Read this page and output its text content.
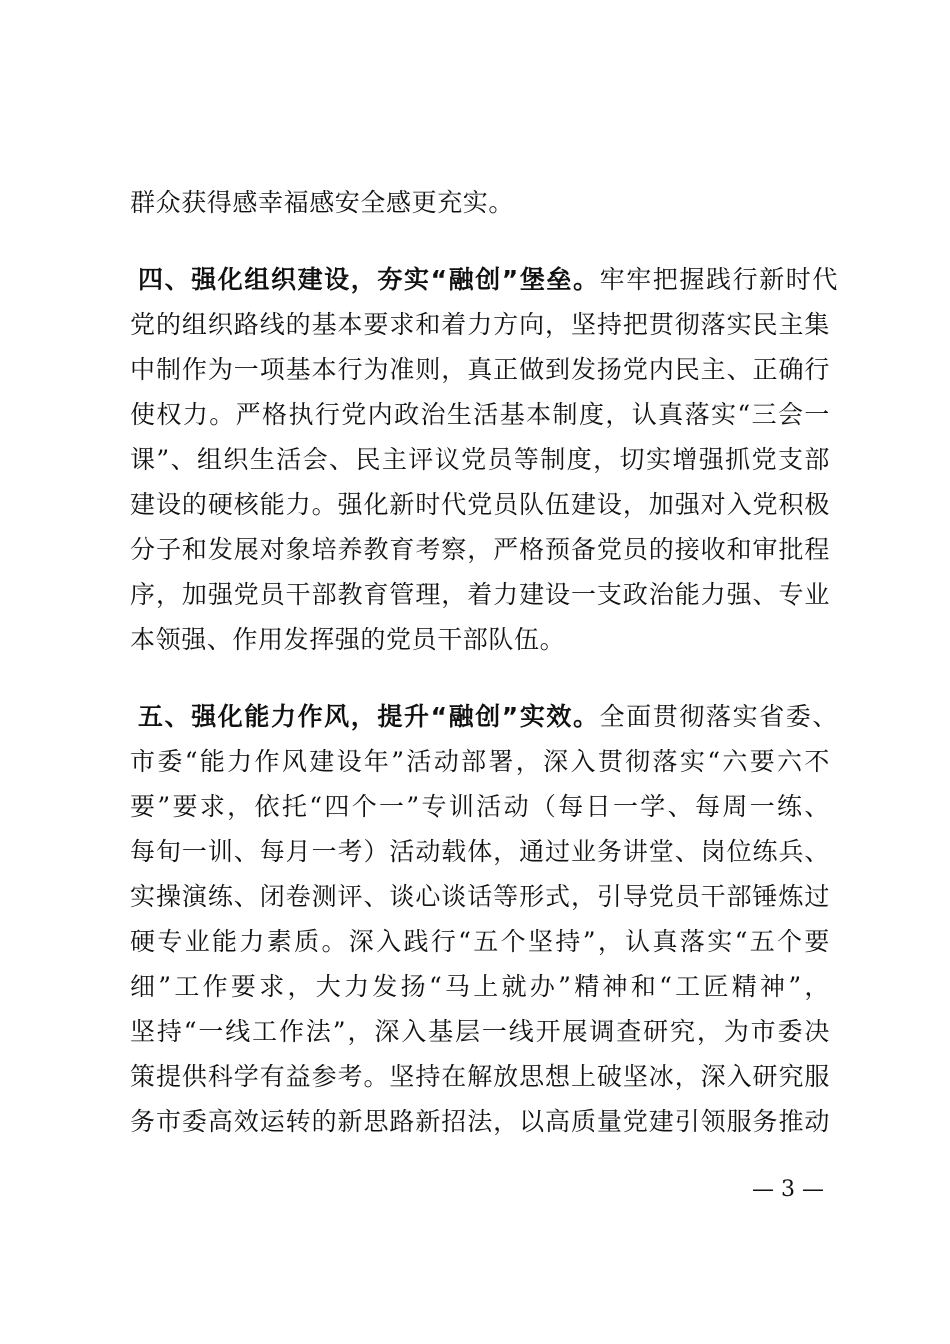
群众获得感幸福感安全感更充实。
四、强化组织建设，夯实“融创”堡垒。牢牢把握践行新时代
党的组织路线的基本要求和着力方向，坚持把贯彻落实民主集
中制作为一项基本行为准则，真正做到发扬党内民主、正确行
使权力。严格执行党内政治生活基本制度，认真落实“三会一
课”、组织生活会、民主评议党员等制度，切实增强抓党支部
建设的硬核能力。强化新时代党员队伍建设，加强对入党积极
分子和发展对象培养教育考察，严格预备党员的接收和审批程
序，加强党员干部教育管理，着力建设一支政治能力强、专业
本领强、作用发挥强的党员干部队伍。
五、强化能力作风，提升“融创”实效。全面贯彻落实省委、
市委“能力作风建设年”活动部署，深入贯彻落实“六要六不
要”要求，依托“四个一”专训活动（每日一学、每周一练、
每旬一训、每月一考）活动载体，通过业务讲堂、岗位练兵、
实操演练、闭卷测评、谈心谈话等形式，引导党员干部锤炼过
硬专业能力素质。深入践行“五个坚持”，认真落实“五个要
细”工作要求，大力发扬“马上就办”精神和“工匠精神”，
坚持“一线工作法”，深入基层一线开展调查研究，为市委决
策提供科学有益参考。坚持在解放思想上破坚冰，深入研究服
务市委高效运转的新思路新招法，以高质量党建引领服务推动
— 3 —
